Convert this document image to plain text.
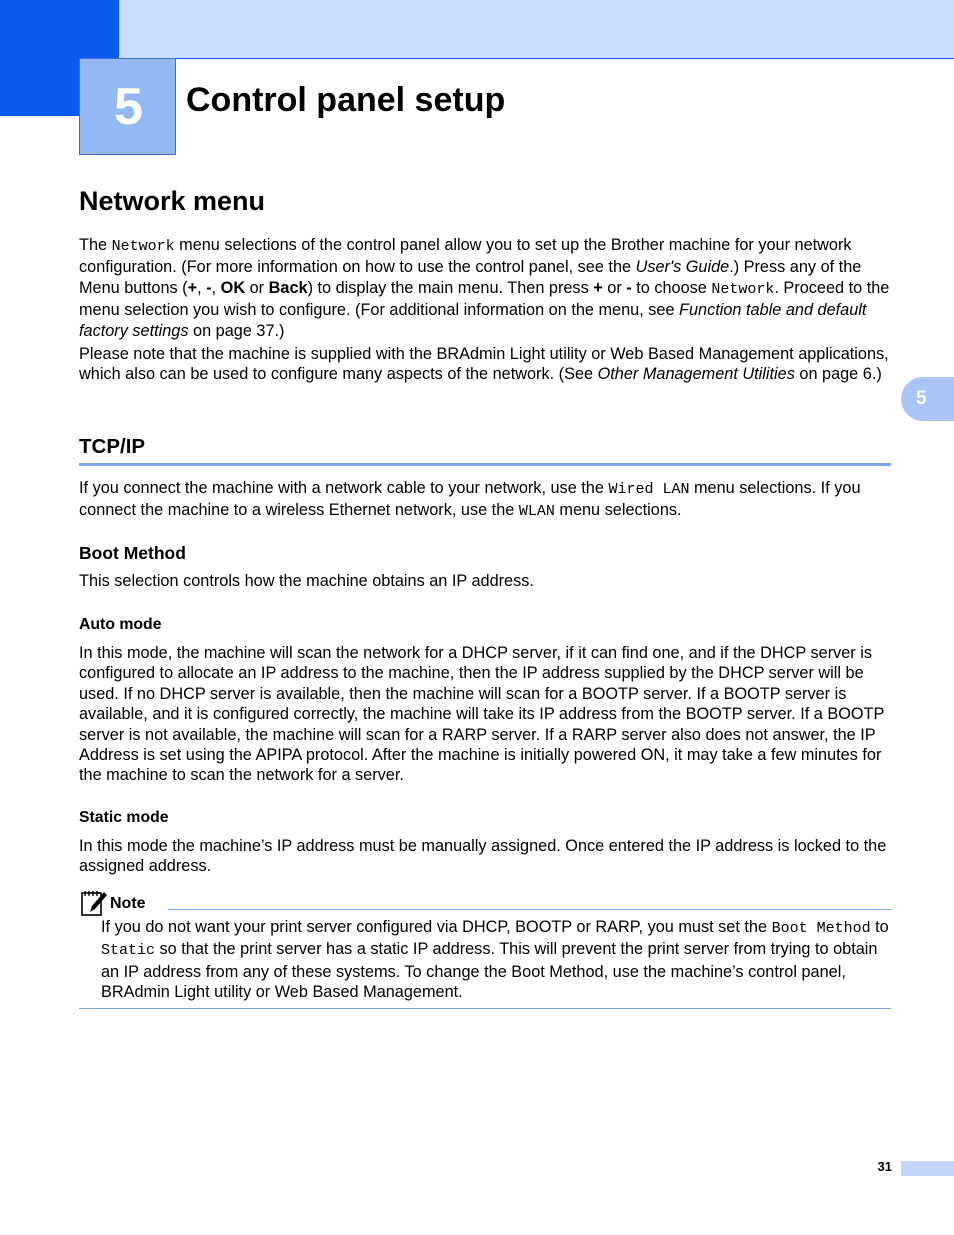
5	Control panel setup
5
Network menu
The Network menu selections of the control panel allow you to set up the Brother machine for your network configuration. (For more information on how to use the control panel, see the User's Guide.) Press any of the Menu buttons (+, -, OK or Back) to display the main menu. Then press + or - to choose Network. Proceed to the menu selection you wish to configure. (For additional information on the menu, see Function table and default factory settings on page 37.)
Please note that the machine is supplied with the BRAdmin Light utility or Web Based Management applications, which also can be used to configure many aspects of the network. (See Other Management Utilities on page 6.)
TCP/IP
If you connect the machine with a network cable to your network, use the Wired LAN menu selections. If you connect the machine to a wireless Ethernet network, use the WLAN menu selections.
Boot Method
This selection controls how the machine obtains an IP address.
Auto mode
In this mode, the machine will scan the network for a DHCP server, if it can find one, and if the DHCP server is configured to allocate an IP address to the machine, then the IP address supplied by the DHCP server will be used. If no DHCP server is available, then the machine will scan for a BOOTP server. If a BOOTP server is available, and it is configured correctly, the machine will take its IP address from the BOOTP server. If a BOOTP server is not available, the machine will scan for a RARP server. If a RARP server also does not answer, the IP Address is set using the APIPA protocol. After the machine is initially powered ON, it may take a few minutes for the machine to scan the network for a server.
Static mode
In this mode the machine’s IP address must be manually assigned. Once entered the IP address is locked to the assigned address.
Note
If you do not want your print server configured via DHCP, BOOTP or RARP, you must set the Boot Method to Static so that the print server has a static IP address. This will prevent the print server from trying to obtain an IP address from any of these systems. To change the Boot Method, use the machine’s control panel, BRAdmin Light utility or Web Based Management.
31
